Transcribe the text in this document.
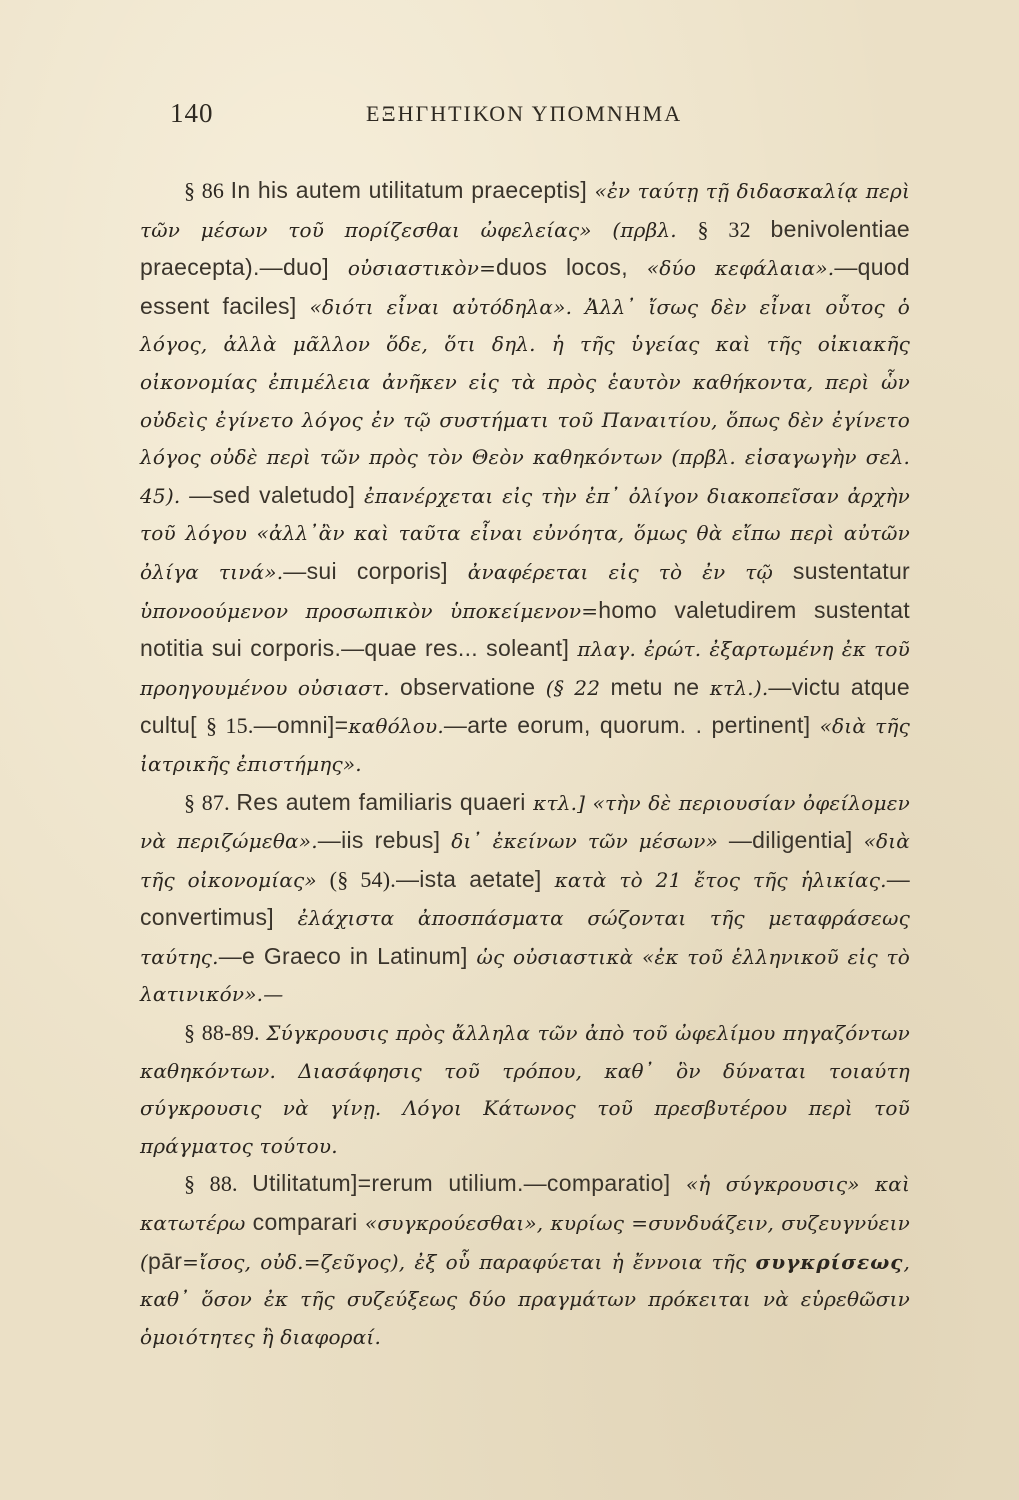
140	ΕΞΗΓΗΤΙΚΟΝ ΥΠΟΜΝΗΜΑ

§ 86 In his autem utilitatum praeceptis] «ἐν ταύτῃ τῇ διδασκαλίᾳ περὶ τῶν μέσων τοῦ πορίζεσθαι ὠφελείας» (πρβλ. § 32 benivolentiae praecepta).—duo] οὐσιαστικὸν=duos locos, «δύο κεφάλαια».—quod essent faciles] «διότι εἶναι αὐτόδηλα». Ἀλλ᾽ ἴσως δὲν εἶναι οὗτος ὁ λόγος, ἀλλὰ μᾶλλον ὅδε, ὅτι δηλ. ἡ τῆς ὑγείας καὶ τῆς οἰκιακῆς οἰκονομίας ἐπιμέλεια ἀνῆκεν εἰς τὰ πρὸς ἑαυτὸν καθήκοντα, περὶ ὧν οὐδεὶς ἐγίνετο λόγος ἐν τῷ συστήματι τοῦ Παναιτίου, ὅπως δὲν ἐγίνετο λόγος οὐδὲ περὶ τῶν πρὸς τὸν Θεὸν καθηκόντων (πρβλ. εἰσαγωγὴν σελ. 45). —sed valetudo] ἐπανέρχεται εἰς τὴν ἐπ᾽ ὀλίγον διακοπεῖσαν ἀρχὴν τοῦ λόγου «ἀλλ᾽ἂν καὶ ταῦτα εἶναι εὐνόητα, ὅμως θὰ εἴπω περὶ αὐτῶν ὀλίγα τινά».—sui corporis] ἀναφέρεται εἰς τὸ ἐν τῷ sustentatur ὑπονοούμενον προσωπικὸν ὑποκείμενον=homo valetudirem sustentat notitia sui corporis.—quae res... soleant] πλαγ. ἐρώτ. ἐξαρτωμένη ἐκ τοῦ προηγουμένου οὐσιαστ. observatione (§ 22 metu ne κτλ.).—victu atque cultu[ § 15.—omni]=καθόλου.—arte eorum, quorum. . pertinent] «διὰ τῆς ἰατρικῆς ἐπιστήμης».

§ 87. Res autem familiaris quaeri κτλ.] «τὴν δὲ περιουσίαν ὀφείλομεν νὰ περιζώμεθα».—iis rebus] δι᾽ ἐκείνων τῶν μέσων» —diligentia] «διὰ τῆς οἰκονομίας» (§ 54).—ista aetate] κατὰ τὸ 21 ἔτος τῆς ἡλικίας.—convertimus] ἐλάχιστα ἀποσπάσματα σώζονται τῆς μεταφράσεως ταύτης.—e Graeco in Latinum] ὡς οὐσιαστικὰ «ἐκ τοῦ ἑλληνικοῦ εἰς τὸ λατινικόν».—

§ 88-89. Σύγκρουσις πρὸς ἄλληλα τῶν ἀπὸ τοῦ ὠφελίμου πηγαζόντων καθηκόντων. Διασάφησις τοῦ τρόπου, καθ᾽ ὃν δύναται τοιαύτη σύγκρουσις νὰ γίνῃ. Λόγοι Κάτωνος τοῦ πρεσβυτέρου περὶ τοῦ πράγματος τούτου.

§ 88. Utilitatum]=rerum utilium.—comparatio] «ἡ σύγκρουσις» καὶ κατωτέρω comparari «συγκρούεσθαι», κυρίως =συνδυάζειν, συζευγνύειν (pār=ἴσος, οὐδ.=ζεῦγος), ἐξ οὗ παραφύεται ἡ ἔννοια τῆς συγκρίσεως, καθ᾽ ὅσον ἐκ τῆς συζεύξεως δύο πραγμάτων πρόκειται νὰ εὑρεθῶσιν ὁμοιότητες ἢ διαφοραί.
